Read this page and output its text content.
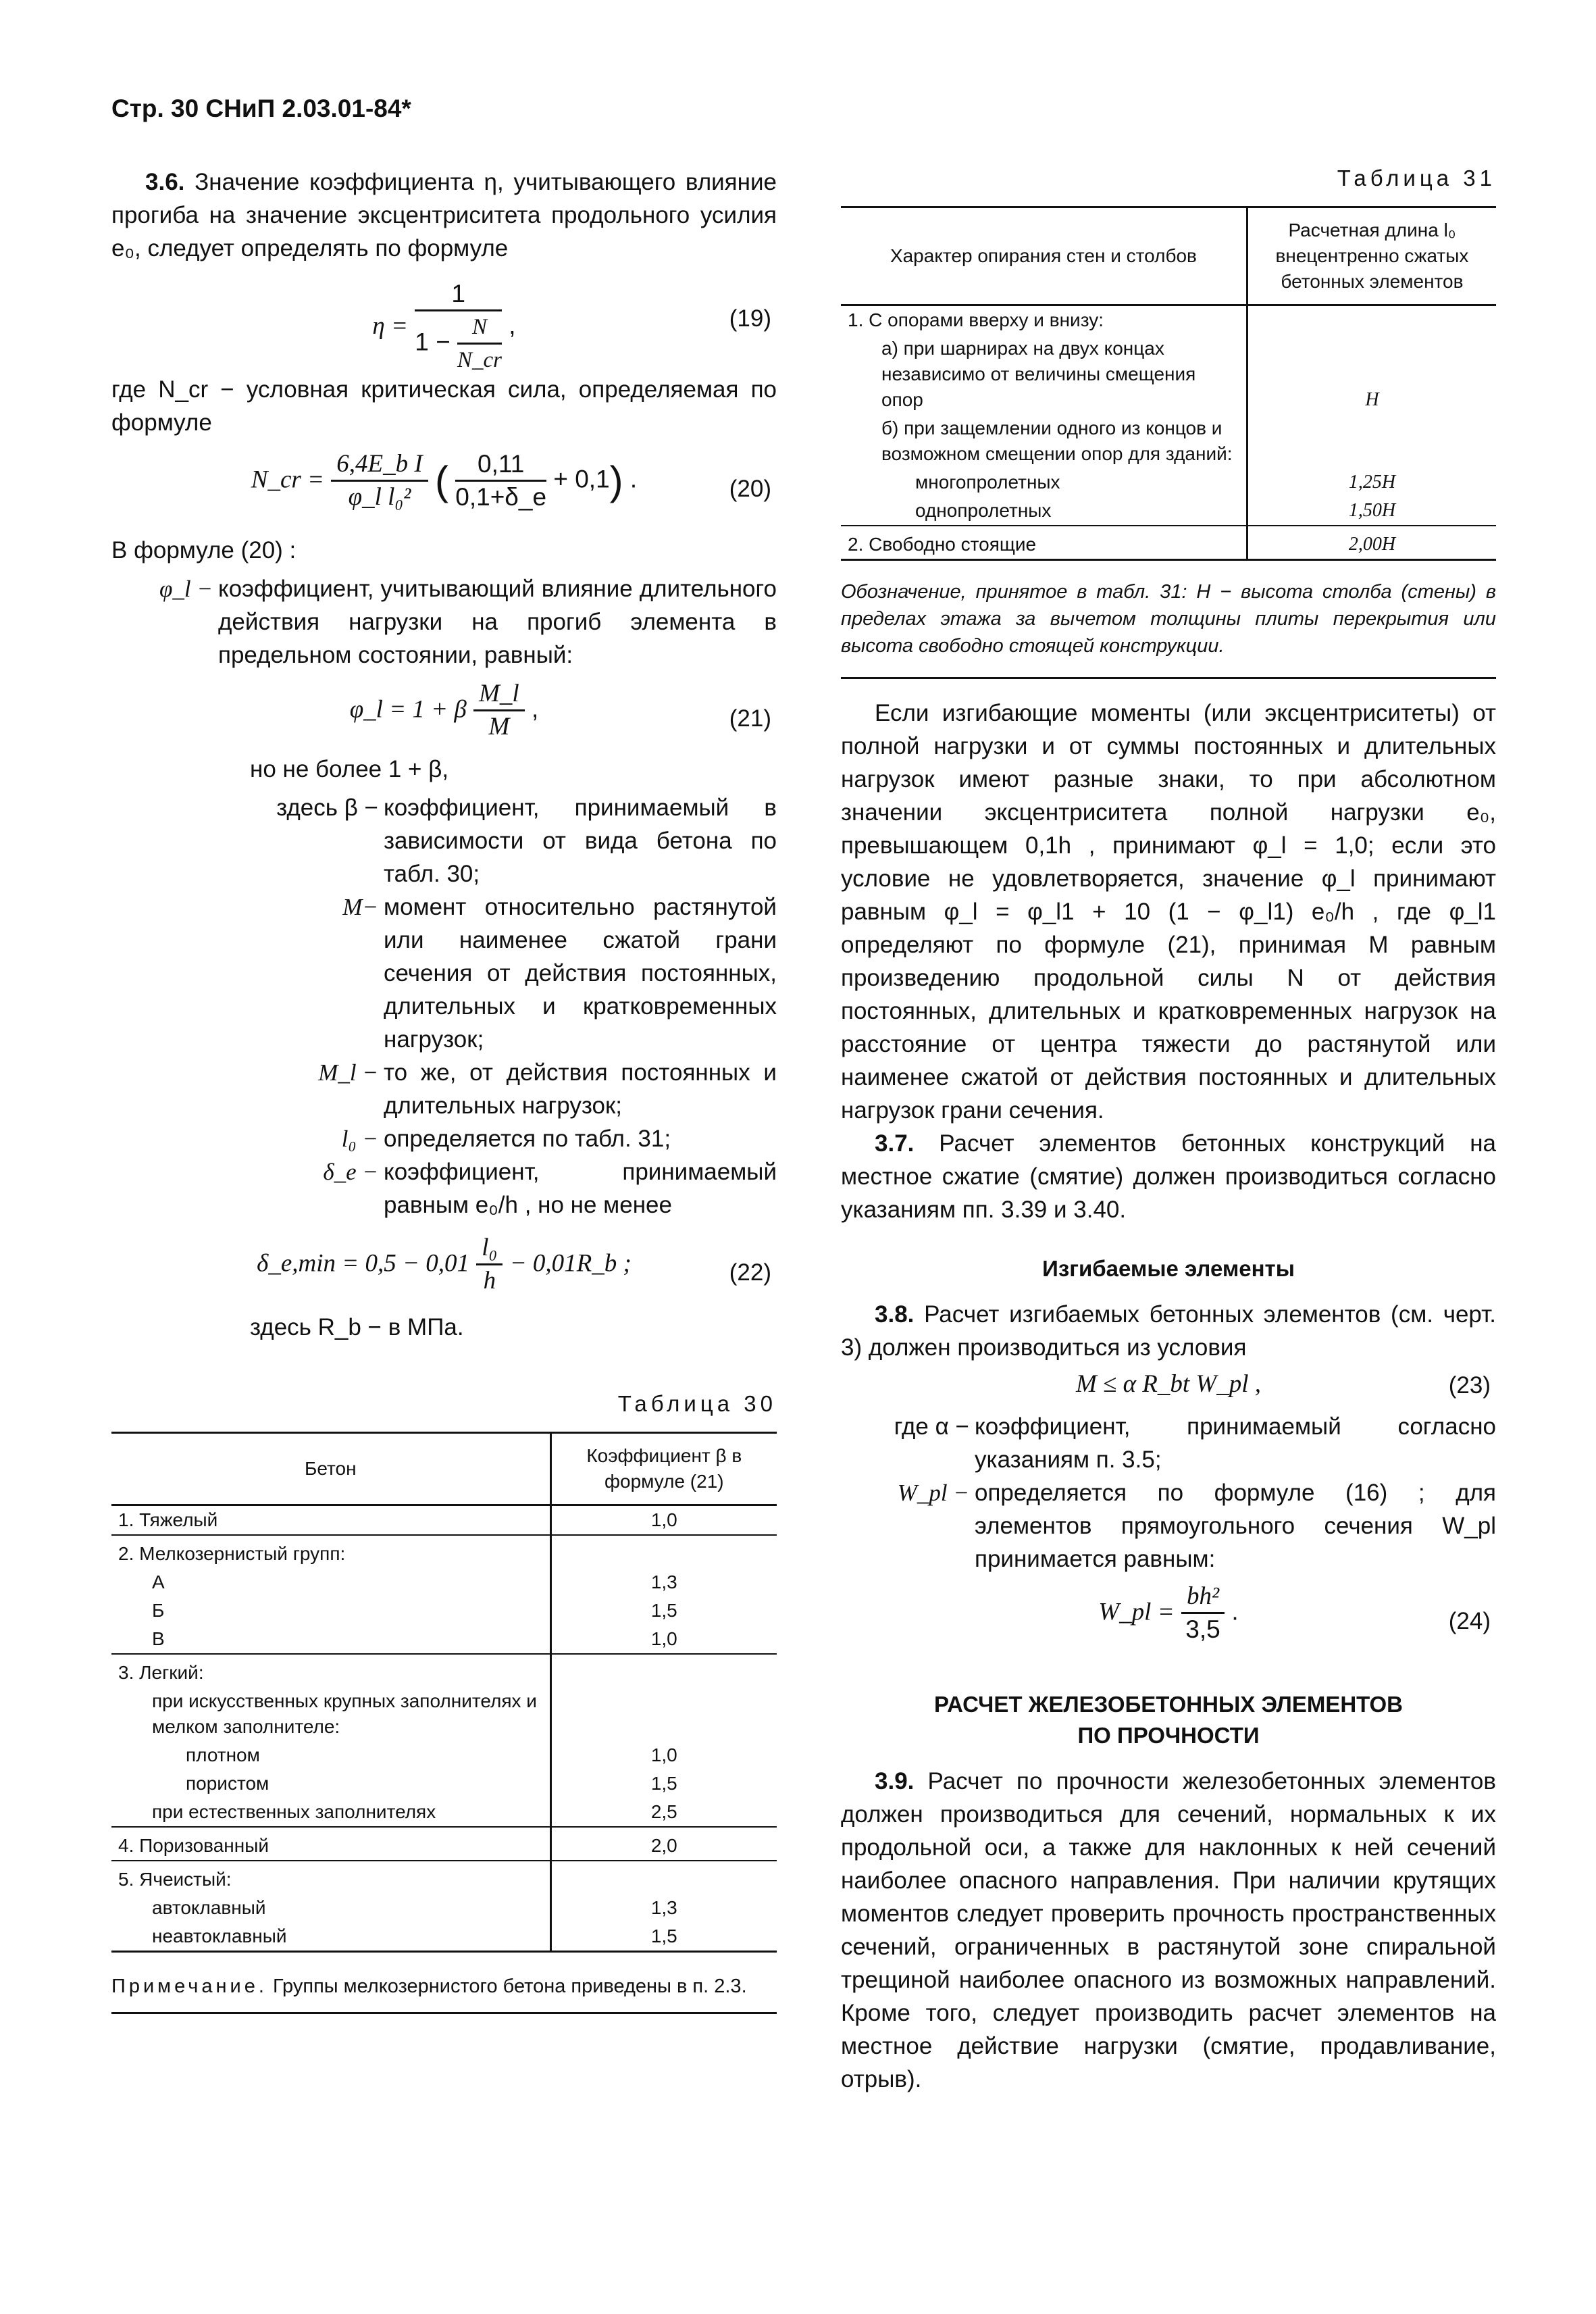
Стр. 30 СНиП 2.03.01-84*

3.6. Значение коэффициента η, учитывающего влияние прогиба на значение эксцентриситета продольного усилия e₀, следует определять по формуле

$\eta = \frac{1}{1 - \frac{N}{N\_cr}}$ ,	(19)

где N_cr − условная критическая сила, определяемая по формуле

N_cr = $\frac{\text{6,4E\_b I}}{\text{φ\_l l₀²}}$ ( $\frac{0,11}{0,1+\delta\_e} + 0,1$) .	(20)

В формуле (20) :

φ_l − коэффициент, учитывающий влияние длительного действия нагрузки на прогиб элемента в предельном состоянии, равный:
φ_l = 1 + β $\frac{M\_l}{M}$ ,	(21)

но не более 1 + β,

здесь β − коэффициент, принимаемый в зависимости от вида бетона по табл. 30;
M− момент относительно растянутой или наименее сжатой грани сечения от действия постоянных, длительных и кратковременных нагрузок;
M_l − то же, от действия постоянных и длительных нагрузок;
l₀ − определяется по табл. 31;
δ_e − коэффициент, принимаемый равным e₀/h , но не менее
δ_e,min = $0,5 - 0,01 \frac{\text{l₀}}{h}$ − 0,01R_b ;	(22)

здесь R_b − в МПа.

Таблица 30
Бетон	Коэффициент β в формуле (21)
1. Тяжелый	1,0
2. Мелкозернистый групп:	
А	1,3
Б	1,5
В	1,0
3. Легкий:	
при искусственных крупных заполнителях и мелком заполнителе:	
плотном	1,0
пористом	1,5
при естественных заполнителях	2,5
4. Поризованный	2,0
5. Ячеистый:	
автоклавный	1,3
неавтоклавный	1,5
Примечание. Группы мелкозернистого бетона приведены в п. 2.3.
Таблица 31
Характер опирания стен и столбов	Расчетная длина l₀ внецентренно сжатых бетонных элементов
1. С опорами вверху и внизу:	
а) при шарнирах на двух концах независимо от величины смещения опор	H
б) при защемлении одного из концов и возможном смещении опор для зданий:	
многопролетных	1,25H
однопролетных	1,50H
2. Свободно стоящие	2,00H
Обозначение, принятое в табл. 31: H − высота столба (стены) в пределах этажа за вычетом толщины плиты перекрытия или высота свободно стоящей конструкции.

Если изгибающие моменты (или эксцентриситеты) от полной нагрузки и от суммы постоянных и длительных нагрузок имеют разные знаки, то при абсолютном значении эксцентриситета полной нагрузки e₀, превышающем 0,1h , принимают φ_l = 1,0; если это условие не удовлетворяется, значение φ_l принимают равным φ_l = φ_l1 + 10 (1 − φ_l1) e₀/h , где φ_l1 определяют по формуле (21), принимая M равным произведению продольной силы N от действия постоянных, длительных и кратковременных нагрузок на расстояние от центра тяжести до растянутой или наименее сжатой от действия постоянных и длительных нагрузок грани сечения.

3.7. Расчет элементов бетонных конструкций на местное сжатие (смятие) должен производиться согласно указаниям пп. 3.39 и 3.40.

Изгибаемые элементы

3.8. Расчет изгибаемых бетонных элементов (см. черт. 3) должен производиться из условия

M ≤ α R_bt W_pl ,	(23)
где α − коэффициент, принимаемый согласно указаниям п. 3.5;
W_pl − определяется по формуле (16) ; для элементов прямоугольного сечения W_pl принимается равным:
W_pl = $\frac{\text{bh²}}{3,5}$ .	(24)
РАСЧЕТ ЖЕЛЕЗОБЕТОННЫХ ЭЛЕМЕНТОВ ПО ПРОЧНОСТИ

3.9. Расчет по прочности железобетонных элементов должен производиться для сечений, нормальных к их продольной оси, а также для наклонных к ней сечений наиболее опасного направления. При наличии крутящих моментов следует проверить прочность пространственных сечений, ограниченных в растянутой зоне спиральной трещиной наиболее опасного из возможных направлений. Кроме того, следует производить расчет элементов на местное действие нагрузки (смятие, продавливание, отрыв).
